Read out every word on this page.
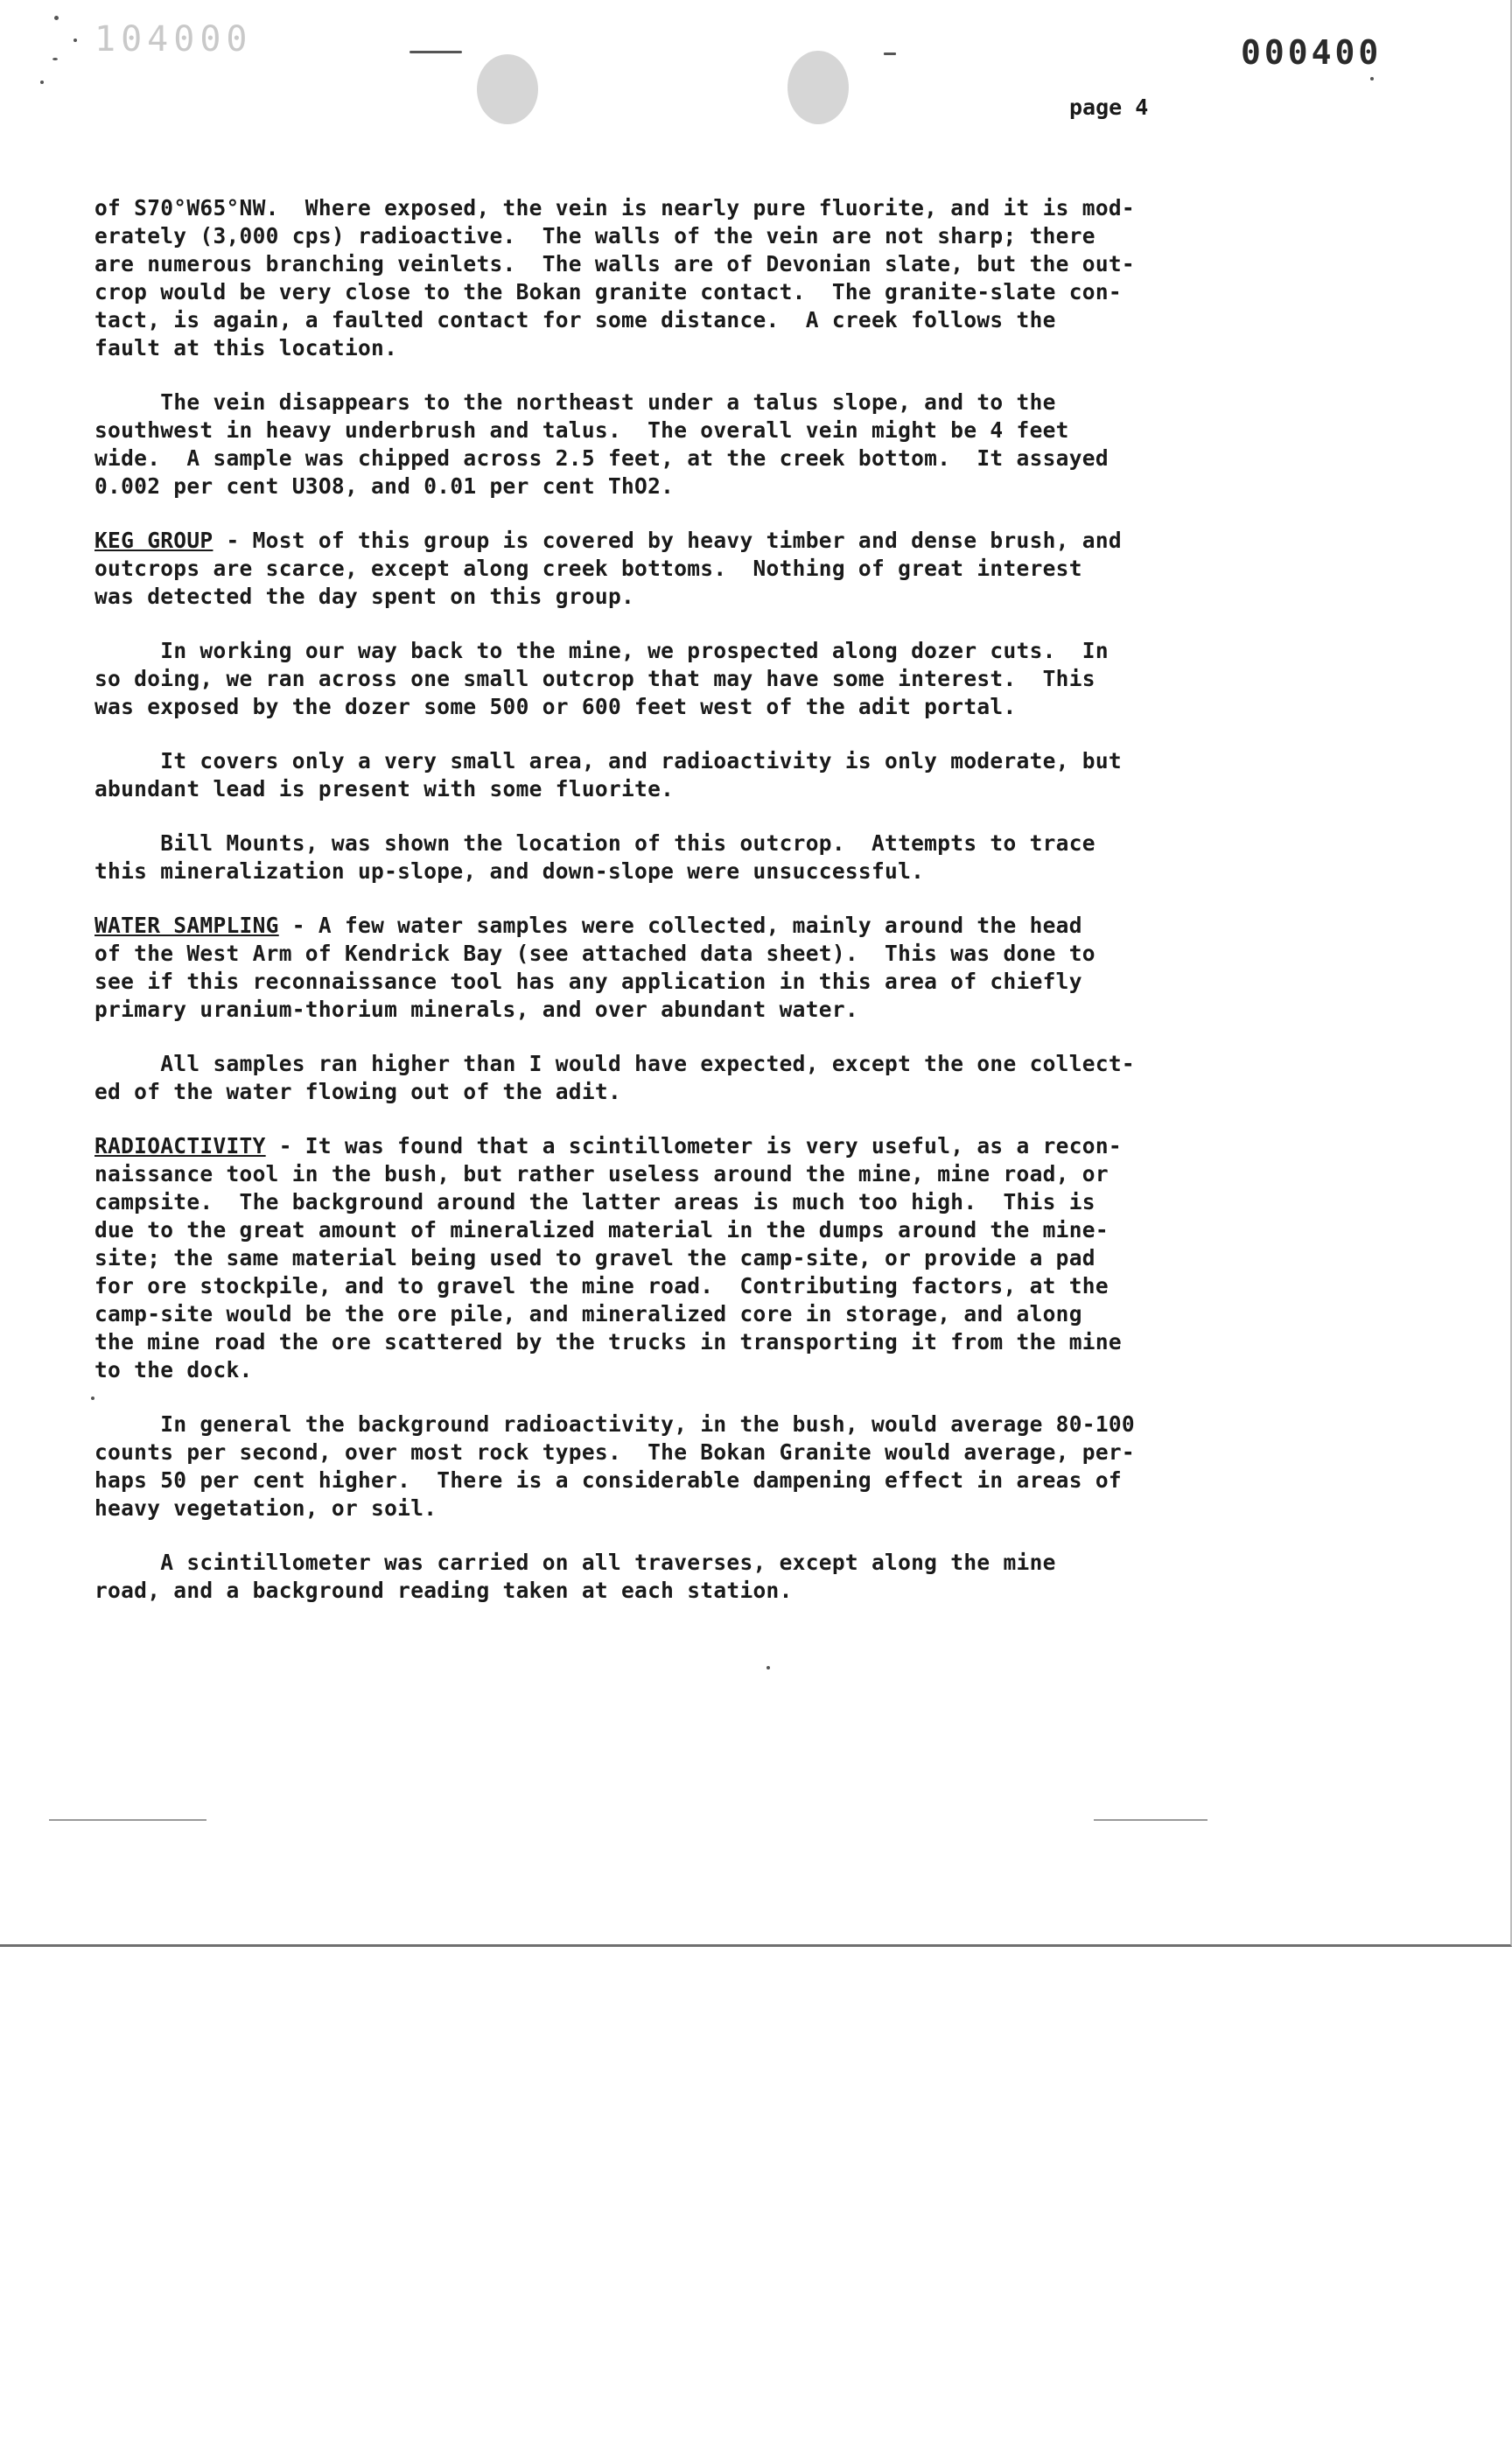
104000	000400
page 4

of S70°W65°NW.  Where exposed, the vein is nearly pure fluorite, and it is mod-
erately (3,000 cps) radioactive.  The walls of the vein are not sharp; there
are numerous branching veinlets.  The walls are of Devonian slate, but the out-
crop would be very close to the Bokan granite contact.  The granite-slate con-
tact, is again, a faulted contact for some distance.  A creek follows the
fault at this location.

The vein disappears to the northeast under a talus slope, and to the
southwest in heavy underbrush and talus.  The overall vein might be 4 feet
wide.  A sample was chipped across 2.5 feet, at the creek bottom.  It assayed
0.002 per cent U3O8, and 0.01 per cent ThO2.

KEG GROUP - Most of this group is covered by heavy timber and dense brush, and
outcrops are scarce, except along creek bottoms.  Nothing of great interest
was detected the day spent on this group.

In working our way back to the mine, we prospected along dozer cuts.  In
so doing, we ran across one small outcrop that may have some interest.  This
was exposed by the dozer some 500 or 600 feet west of the adit portal.

It covers only a very small area, and radioactivity is only moderate, but
abundant lead is present with some fluorite.

Bill Mounts, was shown the location of this outcrop.  Attempts to trace
this mineralization up-slope, and down-slope were unsuccessful.

WATER SAMPLING - A few water samples were collected, mainly around the head
of the West Arm of Kendrick Bay (see attached data sheet).  This was done to
see if this reconnaissance tool has any application in this area of chiefly
primary uranium-thorium minerals, and over abundant water.

All samples ran higher than I would have expected, except the one collect-
ed of the water flowing out of the adit.

RADIOACTIVITY - It was found that a scintillometer is very useful, as a recon-
naissance tool in the bush, but rather useless around the mine, mine road, or
campsite.  The background around the latter areas is much too high.  This is
due to the great amount of mineralized material in the dumps around the mine-
site; the same material being used to gravel the camp-site, or provide a pad
for ore stockpile, and to gravel the mine road.  Contributing factors, at the
camp-site would be the ore pile, and mineralized core in storage, and along
the mine road the ore scattered by the trucks in transporting it from the mine
to the dock.

In general the background radioactivity, in the bush, would average 80-100
counts per second, over most rock types.  The Bokan Granite would average, per-
haps 50 per cent higher.  There is a considerable dampening effect in areas of
heavy vegetation, or soil.

A scintillometer was carried on all traverses, except along the mine
road, and a background reading taken at each station.
